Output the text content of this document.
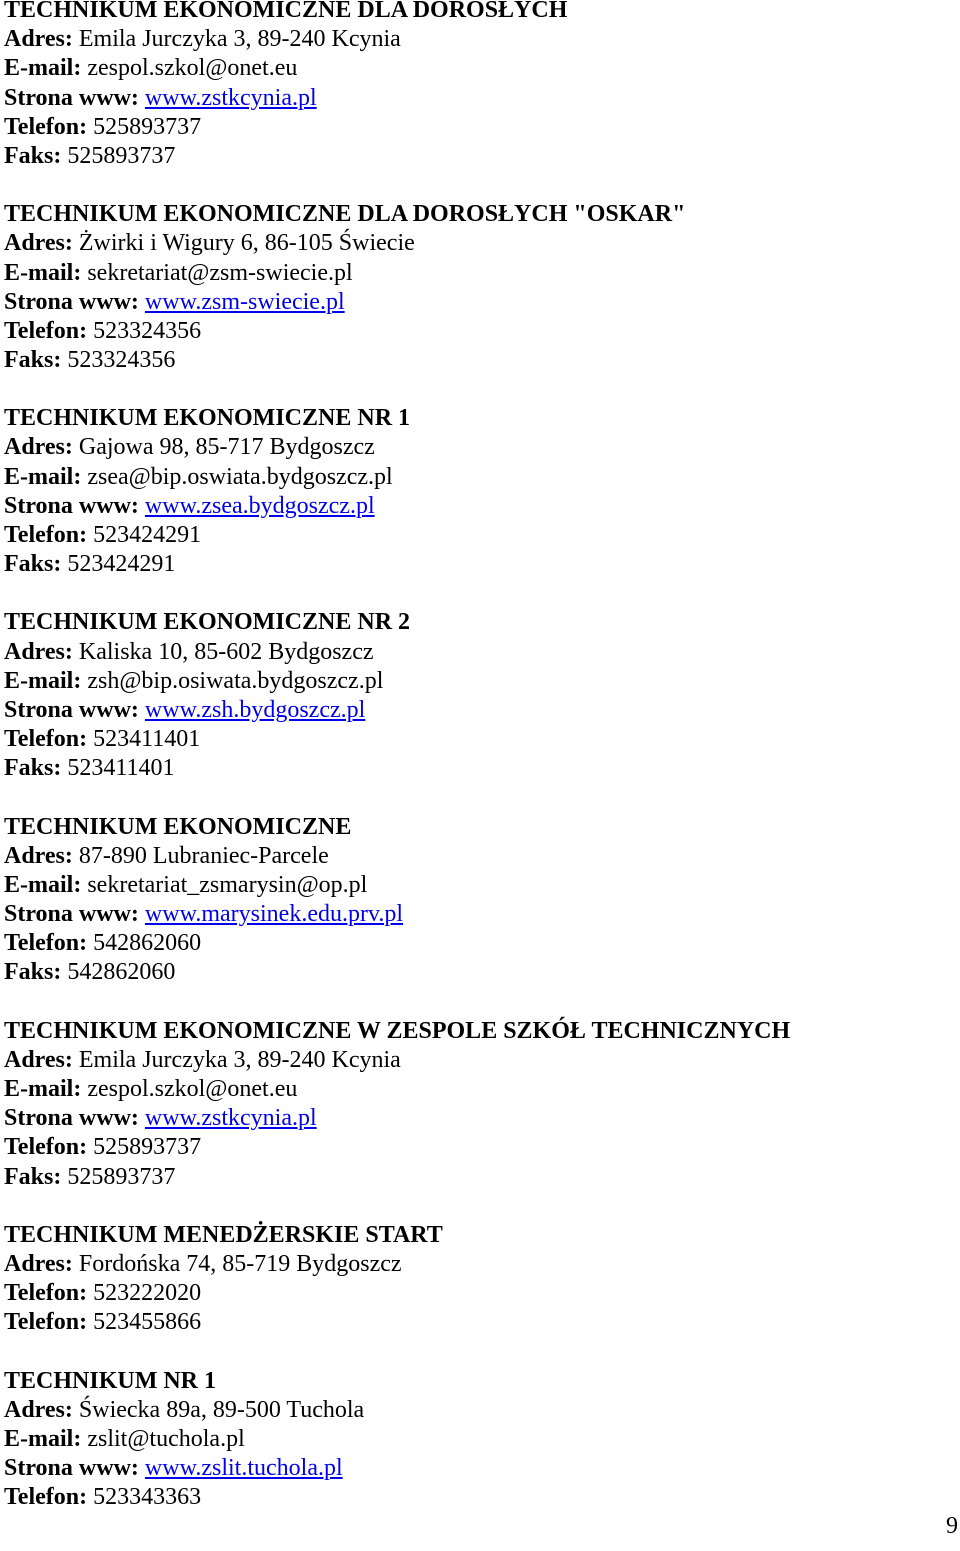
TECHNIKUM EKONOMICZNE DLA DOROSŁYCH
Adres: Emila Jurczyka 3, 89-240 Kcynia
E-mail: zespol.szkol@onet.eu
Strona www: www.zstkcynia.pl
Telefon: 525893737
Faks: 525893737
TECHNIKUM EKONOMICZNE DLA DOROSŁYCH "OSKAR"
Adres: Żwirki i Wigury 6, 86-105 Świecie
E-mail: sekretariat@zsm-swiecie.pl
Strona www: www.zsm-swiecie.pl
Telefon: 523324356
Faks: 523324356
TECHNIKUM EKONOMICZNE NR 1
Adres: Gajowa 98, 85-717 Bydgoszcz
E-mail: zsea@bip.oswiata.bydgoszcz.pl
Strona www: www.zsea.bydgoszcz.pl
Telefon: 523424291
Faks: 523424291
TECHNIKUM EKONOMICZNE NR 2
Adres: Kaliska 10, 85-602 Bydgoszcz
E-mail: zsh@bip.osiwata.bydgoszcz.pl
Strona www: www.zsh.bydgoszcz.pl
Telefon: 523411401
Faks: 523411401
TECHNIKUM EKONOMICZNE
Adres: 87-890 Lubraniec-Parcele
E-mail: sekretariat_zsmarysin@op.pl
Strona www: www.marysinek.edu.prv.pl
Telefon: 542862060
Faks: 542862060
TECHNIKUM EKONOMICZNE W ZESPOLE SZKÓŁ TECHNICZNYCH
Adres: Emila Jurczyka 3, 89-240 Kcynia
E-mail: zespol.szkol@onet.eu
Strona www: www.zstkcynia.pl
Telefon: 525893737
Faks: 525893737
TECHNIKUM MENEDŻERSKIE START
Adres: Fordońska 74, 85-719 Bydgoszcz
Telefon: 523222020
Telefon: 523455866
TECHNIKUM NR 1
Adres: Świecka 89a, 89-500 Tuchola
E-mail: zslit@tuchola.pl
Strona www: www.zslit.tuchola.pl
Telefon: 523343363
9
